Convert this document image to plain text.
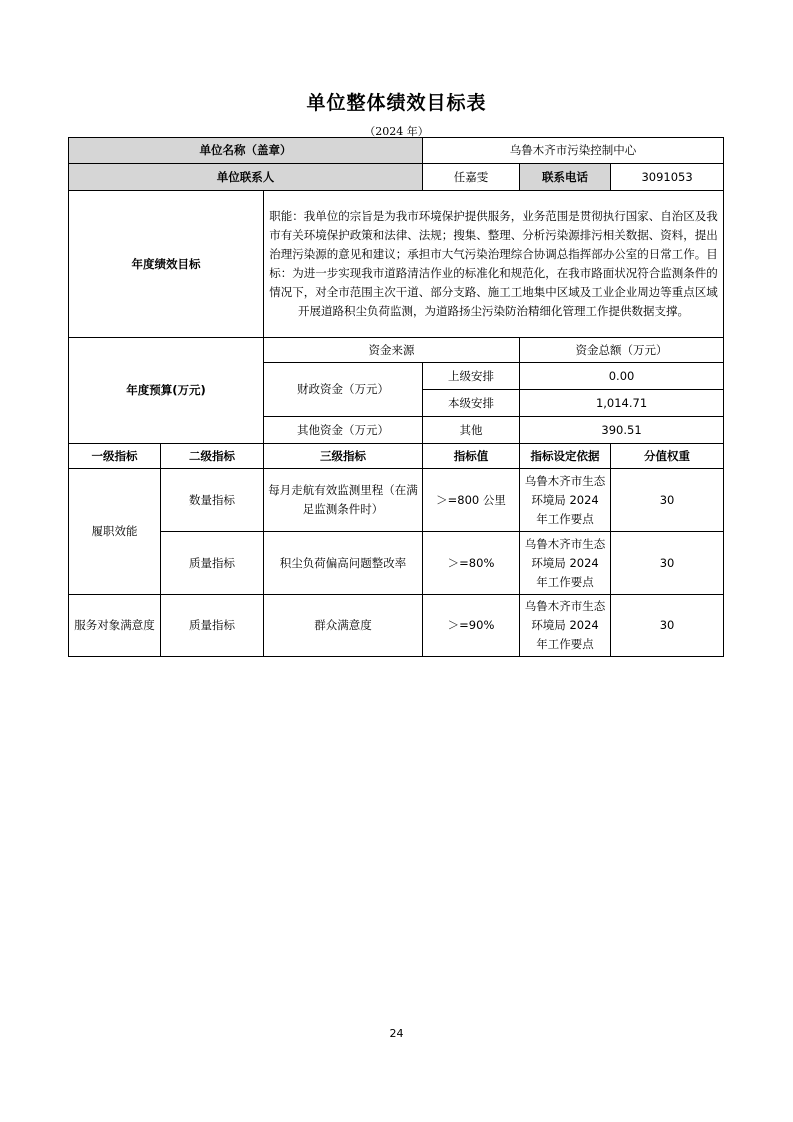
单位整体绩效目标表
（2024 年）
单位名称（盖章）			乌鲁木齐市污染控制中心		
单位联系人			任嘉雯	联系电话	3091053
年度绩效目标		职能：我单位的宗旨是为我市环境保护提供服务，业务范围是贯彻执行国家、自治区及我市有关环境保护政策和法律、法规；搜集、整理、分析污染源排污相关数据、资料，提出治理污染源的意见和建议；承担市大气污染治理综合协调总指挥部办公室的日常工作。目标：为进一步实现我市道路清洁作业的标准化和规范化，在我市路面状况符合监测条件的情况下，对全市范围主次干道、部分支路、施工工地集中区域及工业企业周边等重点区域开展道路积尘负荷监测，为道路扬尘污染防治精细化管理工作提供数据支撑。			
年度预算(万元)		资金来源		资金总额（万元）	
		财政资金（万元）	上级安排	0.00	
			本级安排	1,014.71	
		其他资金（万元）	其他	390.51	
一级指标	二级指标	三级指标	指标值	指标设定依据	分值权重
履职效能	数量指标	每月走航有效监测里程（在满足监测条件时）	＞=800 公里	乌鲁木齐市生态环境局 2024 年工作要点	30
	质量指标	积尘负荷偏高问题整改率	＞=80%	乌鲁木齐市生态环境局 2024 年工作要点	30
服务对象满意度	质量指标	群众满意度	＞=90%	乌鲁木齐市生态环境局 2024 年工作要点	30
24
